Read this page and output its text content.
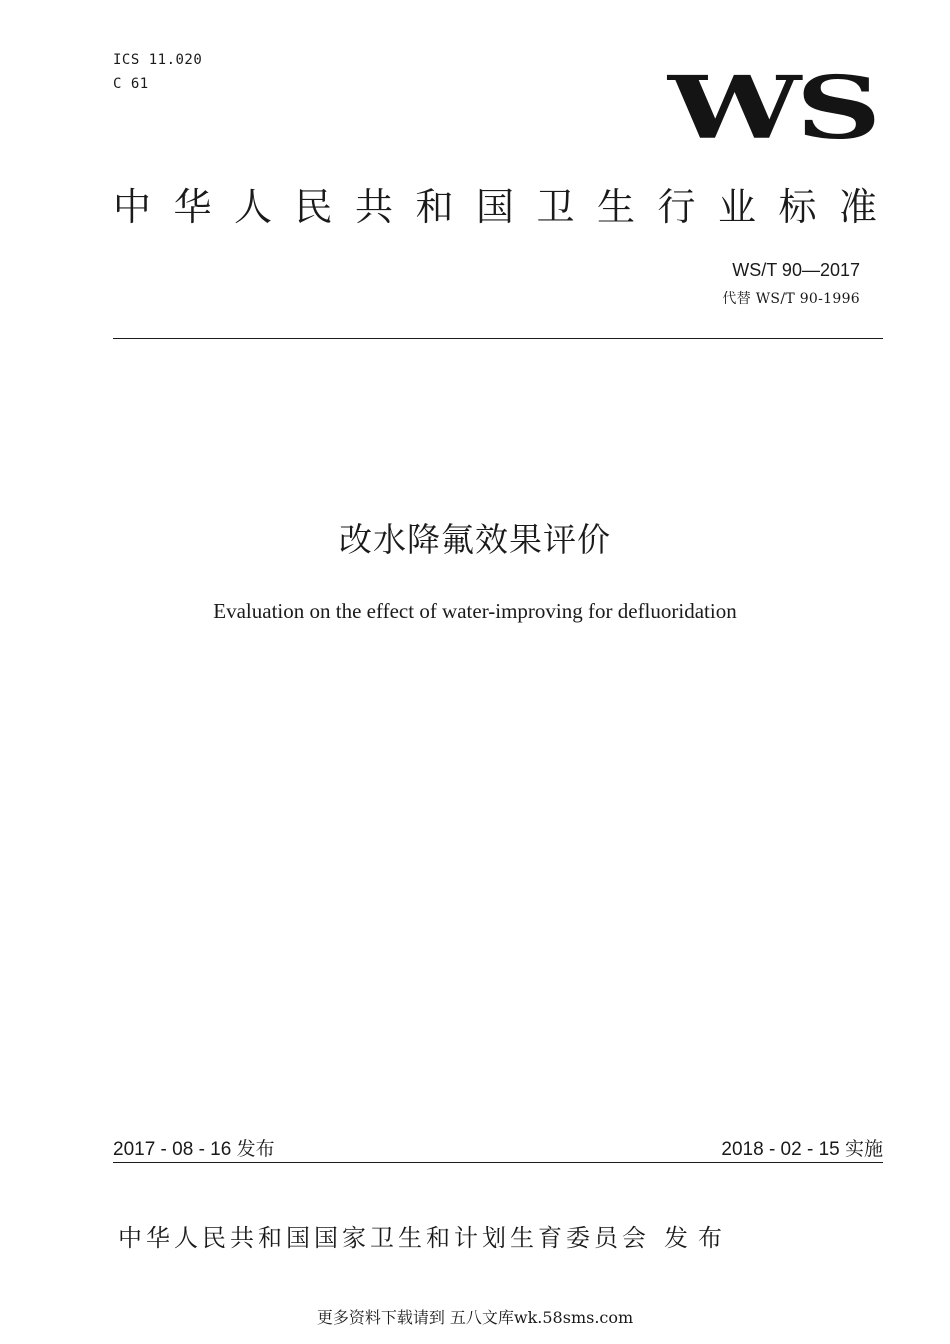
ICS 11.020
C 61	WS
中华人民共和国卫生行业标准
WS/T 90—2017
代替 WS/T 90-1996
改水降氟效果评价
Evaluation on the effect of water-improving for defluoridation
2017 - 08 - 16 发布	2018 - 02 - 15 实施
中华人民共和国国家卫生和计划生育委员会 发布
更多资料下载请到 五八文库wk.58sms.com
